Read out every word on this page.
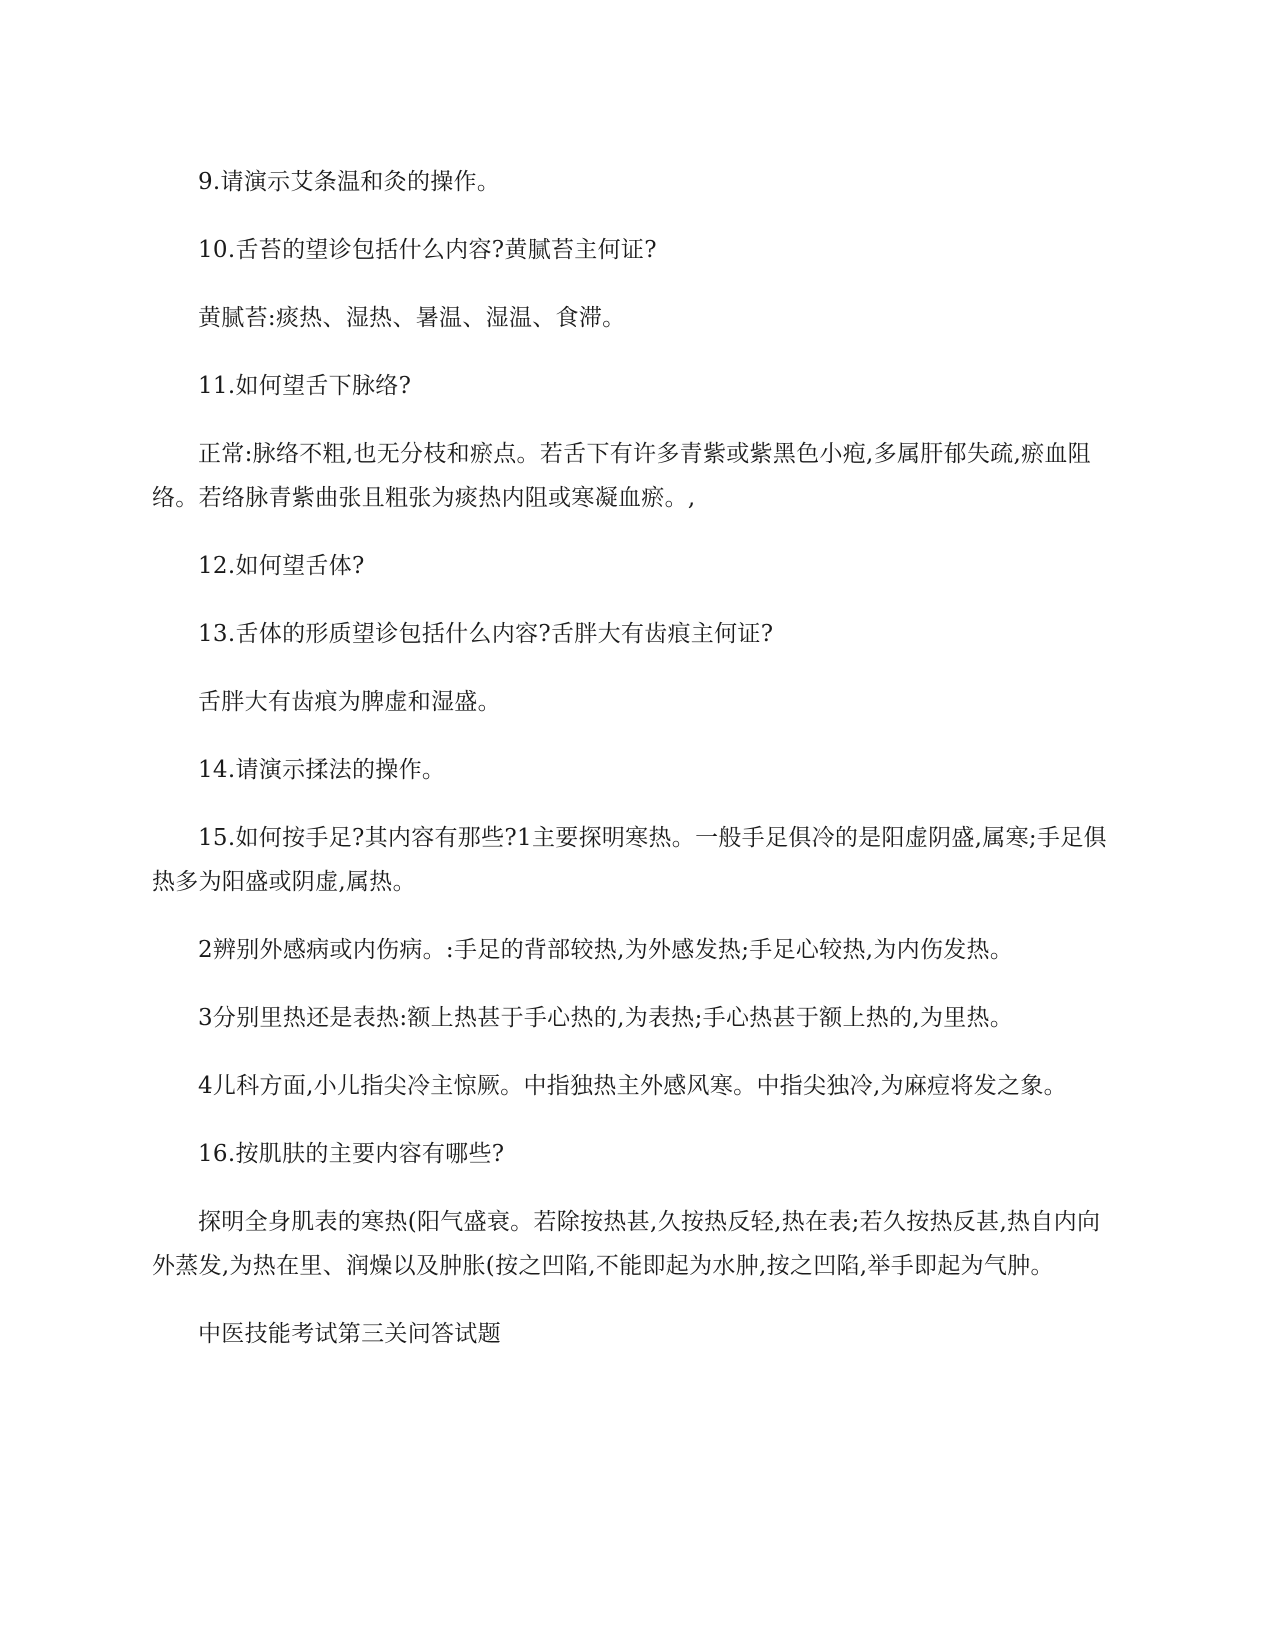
9.请演示艾条温和灸的操作。

10.舌苔的望诊包括什么内容?黄腻苔主何证?

黄腻苔:痰热、湿热、暑温、湿温、食滞。

11.如何望舌下脉络?

正常:脉络不粗,也无分枝和瘀点。若舌下有许多青紫或紫黑色小疱,多属肝郁失疏,瘀血阻络。若络脉青紫曲张且粗张为痰热内阻或寒凝血瘀。,

12.如何望舌体?

13.舌体的形质望诊包括什么内容?舌胖大有齿痕主何证?

舌胖大有齿痕为脾虚和湿盛。

14.请演示揉法的操作。

15.如何按手足?其内容有那些?1主要探明寒热。一般手足俱冷的是阳虚阴盛,属寒;手足俱热多为阳盛或阴虚,属热。

2辨别外感病或内伤病。:手足的背部较热,为外感发热;手足心较热,为内伤发热。

3分别里热还是表热:额上热甚于手心热的,为表热;手心热甚于额上热的,为里热。

4儿科方面,小儿指尖冷主惊厥。中指独热主外感风寒。中指尖独冷,为麻痘将发之象。

16.按肌肤的主要内容有哪些?

探明全身肌表的寒热(阳气盛衰。若除按热甚,久按热反轻,热在表;若久按热反甚,热自内向外蒸发,为热在里、润燥以及肿胀(按之凹陷,不能即起为水肿,按之凹陷,举手即起为气肿。

中医技能考试第三关问答试题
